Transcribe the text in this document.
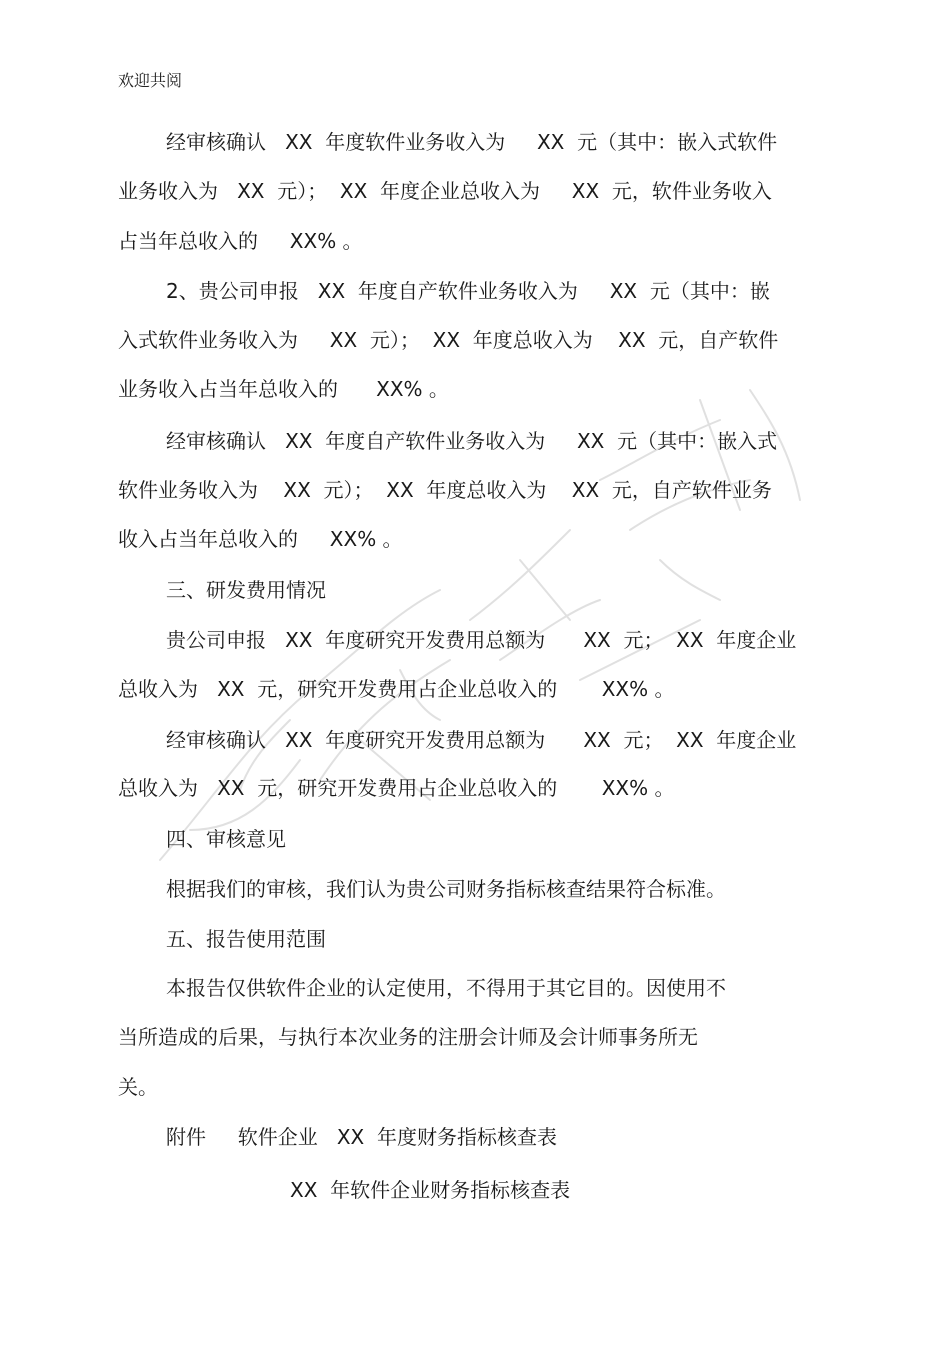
欢迎共阅
经审核确认   XX  年度软件业务收入为     XX  元（其中：嵌入式软件
业务收入为   XX  元）；  XX  年度企业总收入为     XX  元，软件业务收入
占当年总收入的     XX% 。
2、贵公司申报   XX  年度自产软件业务收入为     XX  元（其中：嵌
入式软件业务收入为     XX  元）；  XX  年度总收入为    XX  元，自产软件
业务收入占当年总收入的      XX% 。
经审核确认   XX  年度自产软件业务收入为     XX  元（其中：嵌入式
软件业务收入为    XX  元）；  XX  年度总收入为    XX  元，自产软件业务
收入占当年总收入的     XX% 。
三、研发费用情况
贵公司申报   XX  年度研究开发费用总额为      XX  元；  XX  年度企业
总收入为   XX  元，研究开发费用占企业总收入的       XX% 。
经审核确认   XX  年度研究开发费用总额为      XX  元；  XX  年度企业
总收入为   XX  元，研究开发费用占企业总收入的       XX% 。
四、审核意见
根据我们的审核，我们认为贵公司财务指标核查结果符合标准。
五、报告使用范围
本报告仅供软件企业的认定使用，不得用于其它目的。因使用不
当所造成的后果，与执行本次业务的注册会计师及会计师事务所无
关。
附件     软件企业   XX  年度财务指标核查表
XX  年软件企业财务指标核查表
